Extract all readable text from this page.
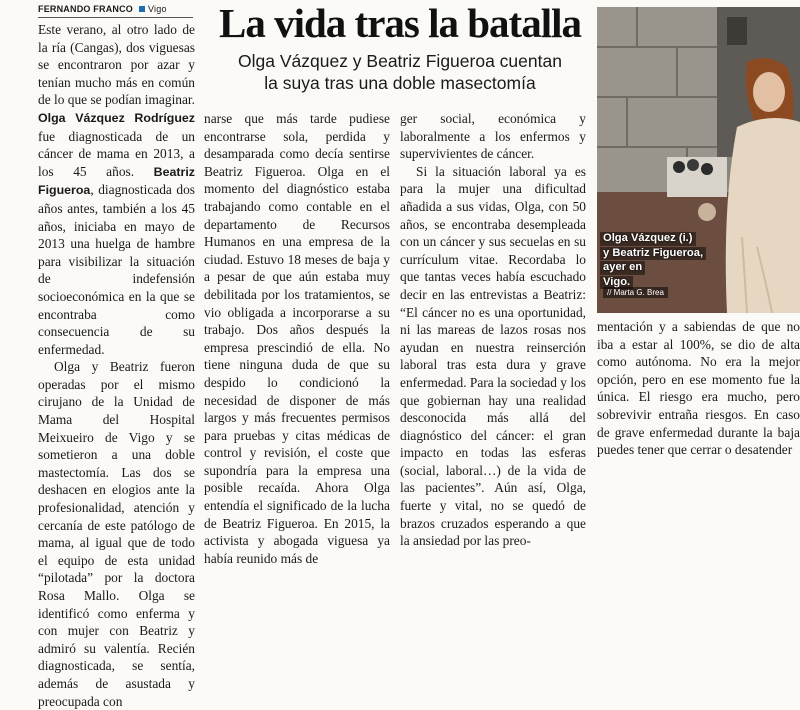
FERNANDO FRANCO Vigo	La vida tras la batalla
Olga Vázquez y Beatriz Figueroa cuentan
la suya tras una doble masectomía

Este verano, al otro lado de la ría (Cangas), dos viguesas se encontraron por azar y tenían mucho más en común de lo que se podían imaginar. Olga Vázquez Rodríguez fue diagnosticada de un cáncer de mama en 2013, a los 45 años. Beatriz Figueroa, diagnosticada dos años antes, también a los 45 años, iniciaba en mayo de 2013 una huelga de hambre para visibilizar la situación de indefensión socioeconómica en la que se encontraba como consecuencia de su enfermedad.

Olga y Beatriz fueron operadas por el mismo cirujano de la Unidad de Mama del Hospital Meixueiro de Vigo y se sometieron a una doble mastectomía. Las dos se deshacen en elogios ante la profesionalidad, atención y cercanía de este patólogo de mama, al igual que de todo el equipo de esta unidad “pilotada” por la doctora Rosa Mallo. Olga se identificó como enferma y con mujer con Beatriz y admiró su valentía. Recién diagnosticada, se sentía, además de asustada y preocupada con

narse que más tarde pudiese encontrarse sola, perdida y desamparada como decía sentirse Beatriz Figueroa. Olga en el momento del diagnóstico estaba trabajando como contable en el departamento de Recursos Humanos en una empresa de la ciudad. Estuvo 18 meses de baja y a pesar de que aún estaba muy debilitada por los tratamientos, se vio obligada a incorporarse a su trabajo. Dos años después la empresa prescindió de ella. No tiene ninguna duda de que su despido lo condicionó la necesidad de disponer de más largos y más frecuentes permisos para pruebas y citas médicas de control y revisión, el coste que supondría para la empresa una posible recaída. Ahora Olga entendía el significado de la lucha de Beatriz Figueroa. En 2015, la activista y abogada viguesa ya había reunido más de

ger social, económica y laboralmente a los enfermos y supervivientes de cáncer.

Si la situación laboral ya es para la mujer una dificultad añadida a sus vidas, Olga, con 50 años, se encontraba desempleada con un cáncer y sus secuelas en su currículum vitae. Recordaba lo que tantas veces había escuchado decir en las entrevistas a Beatriz: “El cáncer no es una oportunidad, ni las mareas de lazos rosas nos ayudan en nuestra reinserción laboral tras esta dura y grave enfermedad. Para la sociedad y los que gobiernan hay una realidad desconocida más allá del diagnóstico del cáncer: el gran impacto en todas las esferas (social, laboral…) de la vida de las pacientes”. Aún así, Olga, fuerte y vital, no se quedó de brazos cruzados esperando a que la ansiedad por las preo-

Olga Vázquez (i.)
y Beatriz Figueroa,
ayer en
Vigo.
// Marta G. Brea

mentación y a sabiendas de que no iba a estar al 100%, se dio de alta como autónoma. No era la mejor opción, pero en ese momento fue la única. El riesgo era mucho, pero sobrevivir entraña riesgos. En caso de grave enfermedad durante la baja puedes tener que cerrar o desatender
